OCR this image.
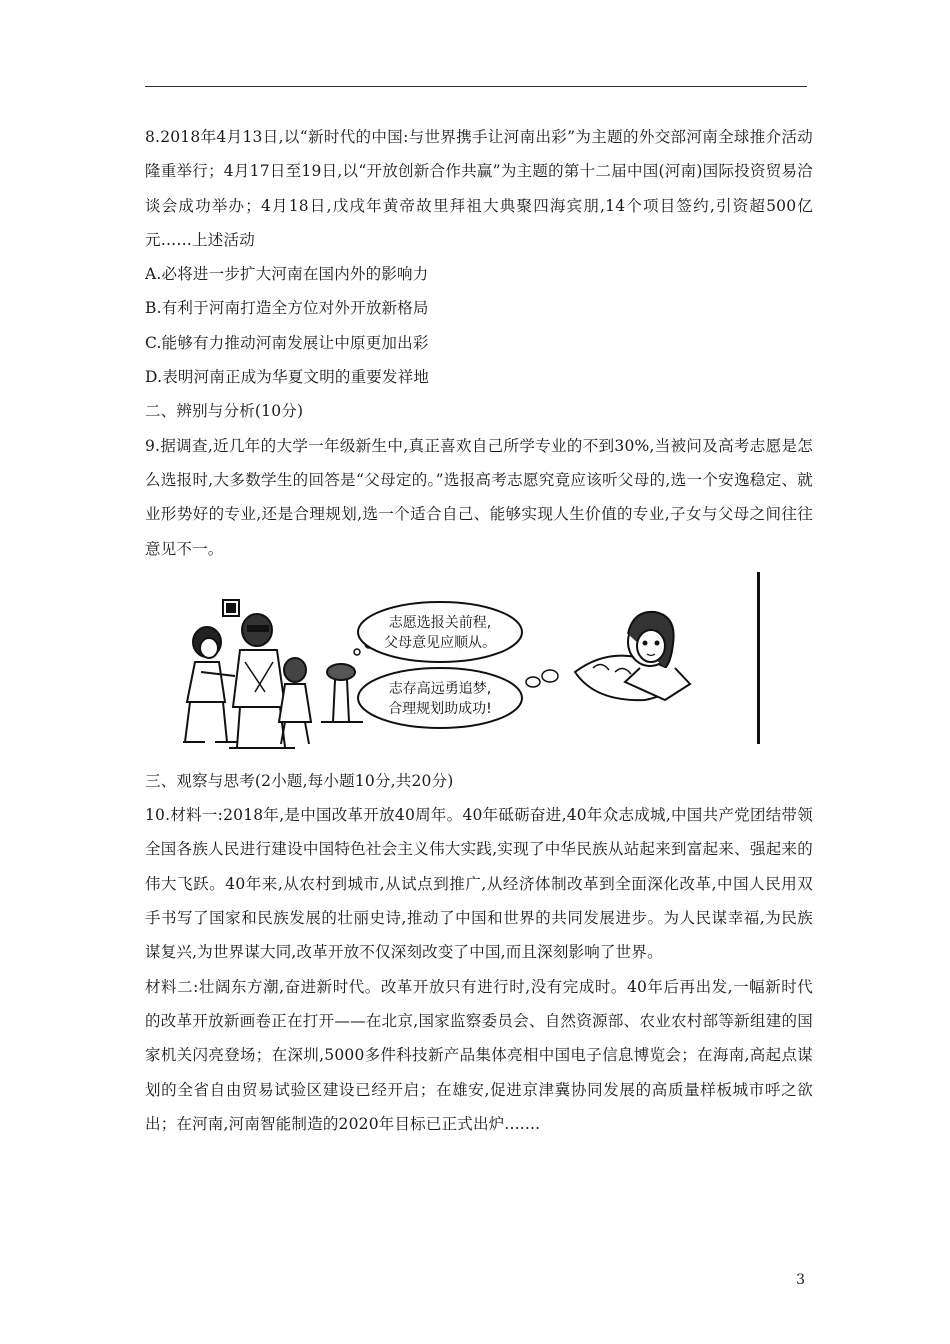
8.2018年4月13日,以“新时代的中国:与世界携手让河南出彩”为主题的外交部河南全球推介活动隆重举行；4月17日至19日,以“开放创新合作共赢”为主题的第十二届中国(河南)国际投资贸易洽谈会成功举办；4月18日,戊戌年黄帝故里拜祖大典聚四海宾朋,14个项目签约,引资超500亿元……上述活动

A.必将进一步扩大河南在国内外的影响力

B.有利于河南打造全方位对外开放新格局

C.能够有力推动河南发展让中原更加出彩

D.表明河南正成为华夏文明的重要发祥地

二、辨别与分析(10分)

9.据调查,近几年的大学一年级新生中,真正喜欢自己所学专业的不到30%,当被问及高考志愿是怎么选报时,大多数学生的回答是“父母定的。”选报高考志愿究竟应该听父母的,选一个安逸稳定、就业形势好的专业,还是合理规划,选一个适合自己、能够实现人生价值的专业,子女与父母之间往往意见不一。

志愿选报关前程,
父母意见应顺从。
志存高远勇追梦,
合理规划助成功!

三、观察与思考(2小题,每小题10分,共20分)

10.材料一:2018年,是中国改革开放40周年。40年砥砺奋进,40年众志成城,中国共产党团结带领全国各族人民进行建设中国特色社会主义伟大实践,实现了中华民族从站起来到富起来、强起来的伟大飞跃。40年来,从农村到城市,从试点到推广,从经济体制改革到全面深化改革,中国人民用双手书写了国家和民族发展的壮丽史诗,推动了中国和世界的共同发展进步。为人民谋幸福,为民族谋复兴,为世界谋大同,改革开放不仅深刻改变了中国,而且深刻影响了世界。

材料二:壮阔东方潮,奋进新时代。改革开放只有进行时,没有完成时。40年后再出发,一幅新时代的改革开放新画卷正在打开——在北京,国家监察委员会、自然资源部、农业农村部等新组建的国家机关闪亮登场；在深圳,5000多件科技新产品集体亮相中国电子信息博览会；在海南,高起点谋划的全省自由贸易试验区建设已经开启；在雄安,促进京津冀协同发展的高质量样板城市呼之欲出；在河南,河南智能制造的2020年目标已正式出炉.......

3
